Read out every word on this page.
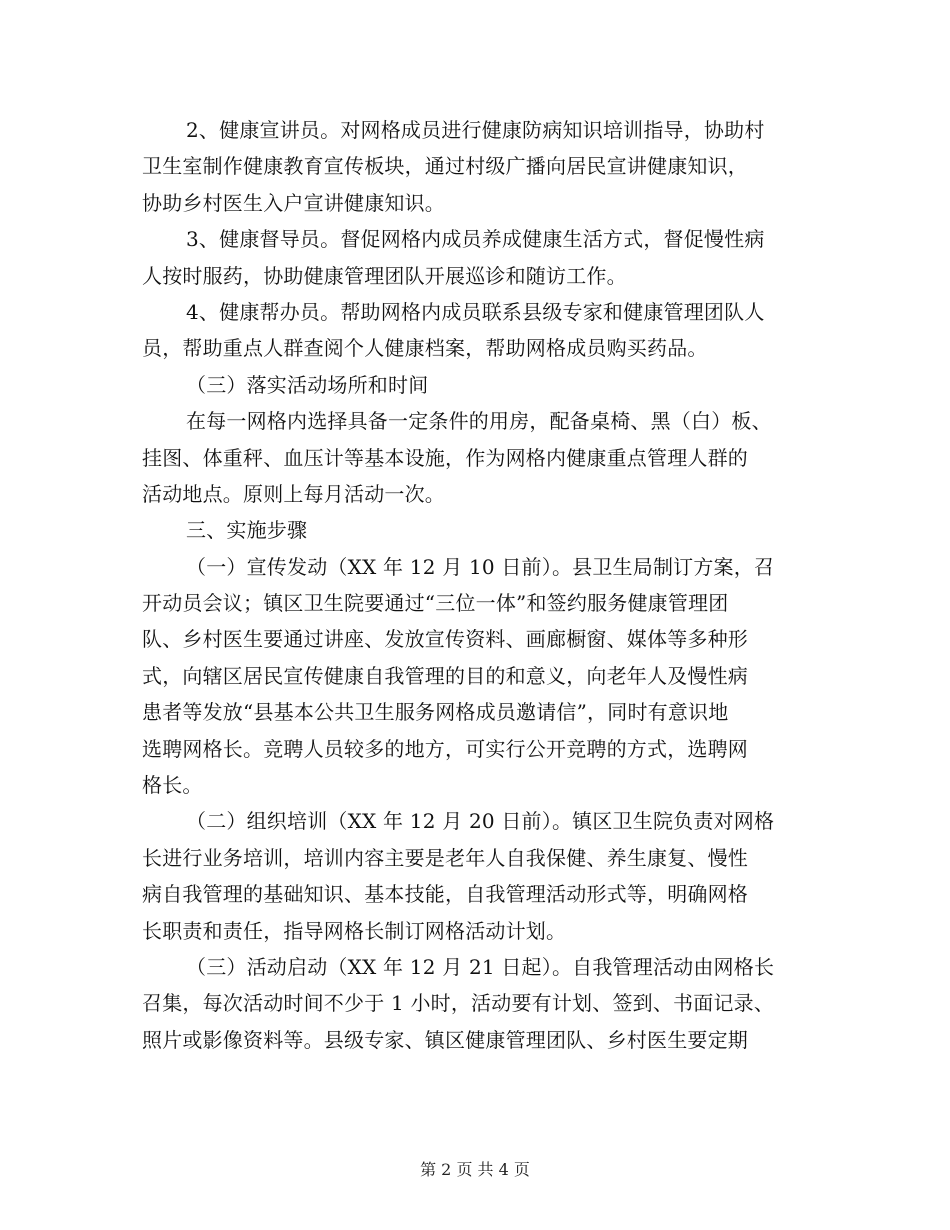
2、健康宣讲员。对网格成员进行健康防病知识培训指导，协助村
卫生室制作健康教育宣传板块，通过村级广播向居民宣讲健康知识，
协助乡村医生入户宣讲健康知识。
3、健康督导员。督促网格内成员养成健康生活方式，督促慢性病
人按时服药，协助健康管理团队开展巡诊和随访工作。
4、健康帮办员。帮助网格内成员联系县级专家和健康管理团队人
员，帮助重点人群查阅个人健康档案，帮助网格成员购买药品。
（三）落实活动场所和时间
在每一网格内选择具备一定条件的用房，配备桌椅、黑（白）板、
挂图、体重秤、血压计等基本设施，作为网格内健康重点管理人群的
活动地点。原则上每月活动一次。
三、实施步骤
（一）宣传发动（XX 年 12 月 10 日前）。县卫生局制订方案，召
开动员会议；镇区卫生院要通过“三位一体”和签约服务健康管理团
队、乡村医生要通过讲座、发放宣传资料、画廊橱窗、媒体等多种形
式，向辖区居民宣传健康自我管理的目的和意义，向老年人及慢性病
患者等发放“县基本公共卫生服务网格成员邀请信”，同时有意识地
选聘网格长。竞聘人员较多的地方，可实行公开竞聘的方式，选聘网
格长。
（二）组织培训（XX 年 12 月 20 日前）。镇区卫生院负责对网格
长进行业务培训，培训内容主要是老年人自我保健、养生康复、慢性
病自我管理的基础知识、基本技能，自我管理活动形式等，明确网格
长职责和责任，指导网格长制订网格活动计划。
（三）活动启动（XX 年 12 月 21 日起）。自我管理活动由网格长
召集，每次活动时间不少于 1 小时，活动要有计划、签到、书面记录、
照片或影像资料等。县级专家、镇区健康管理团队、乡村医生要定期
第 2 页 共 4 页
